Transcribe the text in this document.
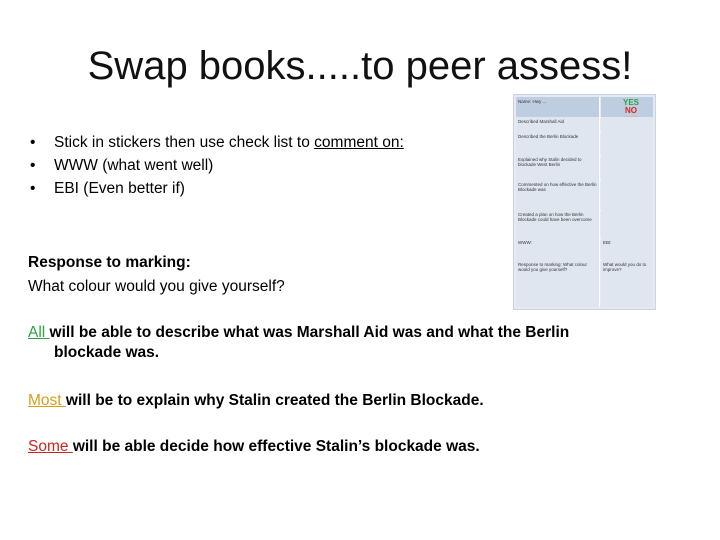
Swap books.....to peer assess!
• Stick in stickers then use check list to comment on:
• WWW (what went well)
• EBI (Even better if)
Response to marking:
What colour would you give yourself?
All will be able to describe what was Marshall Aid was and what the Berlin
blockade was.
Most will be to explain why Stalin created the Berlin Blockade.
Some will be able decide how effective Stalin’s blockade was.
Name: Hwy ...	YES
NO
Described Marshall Aid
Described the Berlin Blockade
Explained why Stalin decided to blockade West Berlin
Commented on how effective the Berlin Blockade was
Created a plan on how the Berlin Blockade could have been overcome
WWW:	EBI:
Response to marking: What colour would you give yourself?
What would you do to improve?
